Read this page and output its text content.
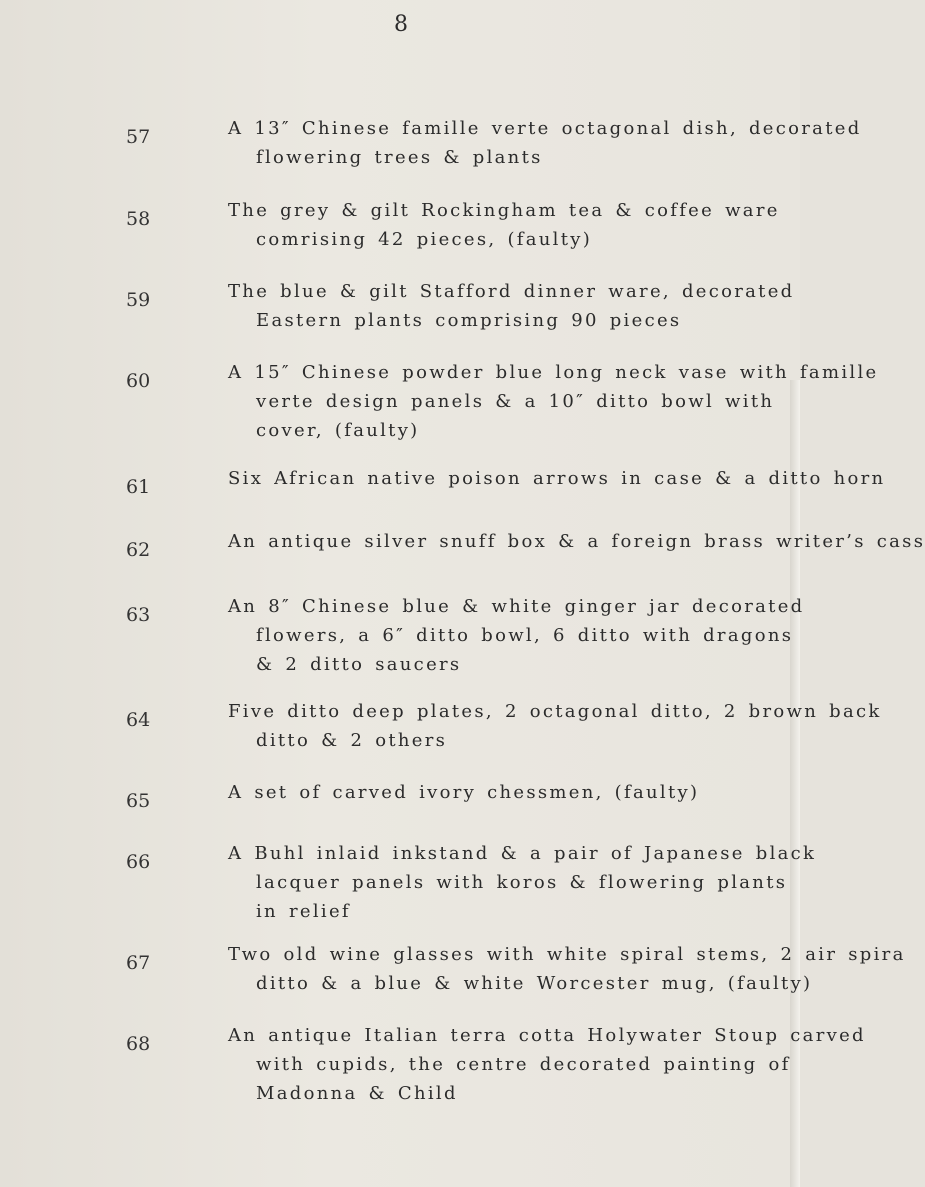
8
57	A 13″ Chinese famille verte octagonal dish, decorated
flowering trees & plants
58	The grey & gilt Rockingham tea & coffee ware
comrising 42 pieces, (faulty)
59	The blue & gilt Stafford dinner ware, decorated
Eastern plants comprising 90 pieces
60	A 15″ Chinese powder blue long neck vase with famille
verte design panels & a 10″ ditto bowl with
cover, (faulty)
61	Six African native poison arrows in case & a ditto horn
62	An antique silver snuff box & a foreign brass writer’s cass
63	An 8″ Chinese blue & white ginger jar decorated
flowers, a 6″ ditto bowl, 6 ditto with dragons
& 2 ditto saucers
64	Five ditto deep plates, 2 octagonal ditto, 2 brown back
ditto & 2 others
65	A set of carved ivory chessmen, (faulty)
66	A Buhl inlaid inkstand & a pair of Japanese black
lacquer panels with koros & flowering plants
in relief
67	Two old wine glasses with white spiral stems, 2 air spira
ditto & a blue & white Worcester mug, (faulty)
68	An antique Italian terra cotta Holywater Stoup carved
with cupids, the centre decorated painting of
Madonna & Child
